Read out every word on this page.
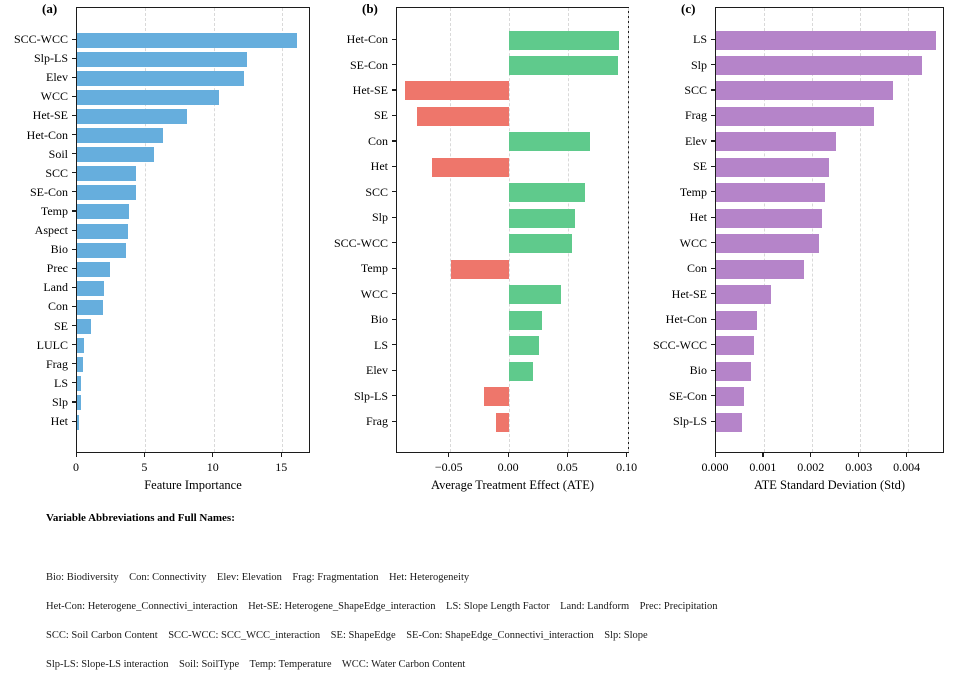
(a)
SCC-WCC
Slp-LS
Elev
WCC
Het-SE
Het-Con
Soil
SCC
SE-Con
Temp
Aspect
Bio
Prec
Land
Con
SE
LULC
Frag
LS
Slp
Het
0	5	10	15
Feature Importance
(b)
Het-Con
SE-Con
Het-SE
SE
Con
Het
SCC
Slp
SCC-WCC
Temp
WCC
Bio
LS
Elev
Slp-LS
Frag
−0.05	0.00	0.05	0.10
Average Treatment Effect (ATE)
(c)
LS
Slp
SCC
Frag
Elev
SE
Temp
Het
WCC
Con
Het-SE
Het-Con
SCC-WCC
Bio
SE-Con
Slp-LS
0.000	0.001	0.002	0.003	0.004
ATE Standard Deviation (Std)
Variable Abbreviations and Full Names:
Bio: Biodiversity    Con: Connectivity    Elev: Elevation    Frag: Fragmentation    Het: Heterogeneity
Het-Con: Heterogene_Connectivi_interaction    Het-SE: Heterogene_ShapeEdge_interaction    LS: Slope Length Factor    Land: Landform    Prec: Precipitation
SCC: Soil Carbon Content    SCC-WCC: SCC_WCC_interaction    SE: ShapeEdge    SE-Con: ShapeEdge_Connectivi_interaction    Slp: Slope
Slp-LS: Slope-LS interaction    Soil: SoilType    Temp: Temperature    WCC: Water Carbon Content
